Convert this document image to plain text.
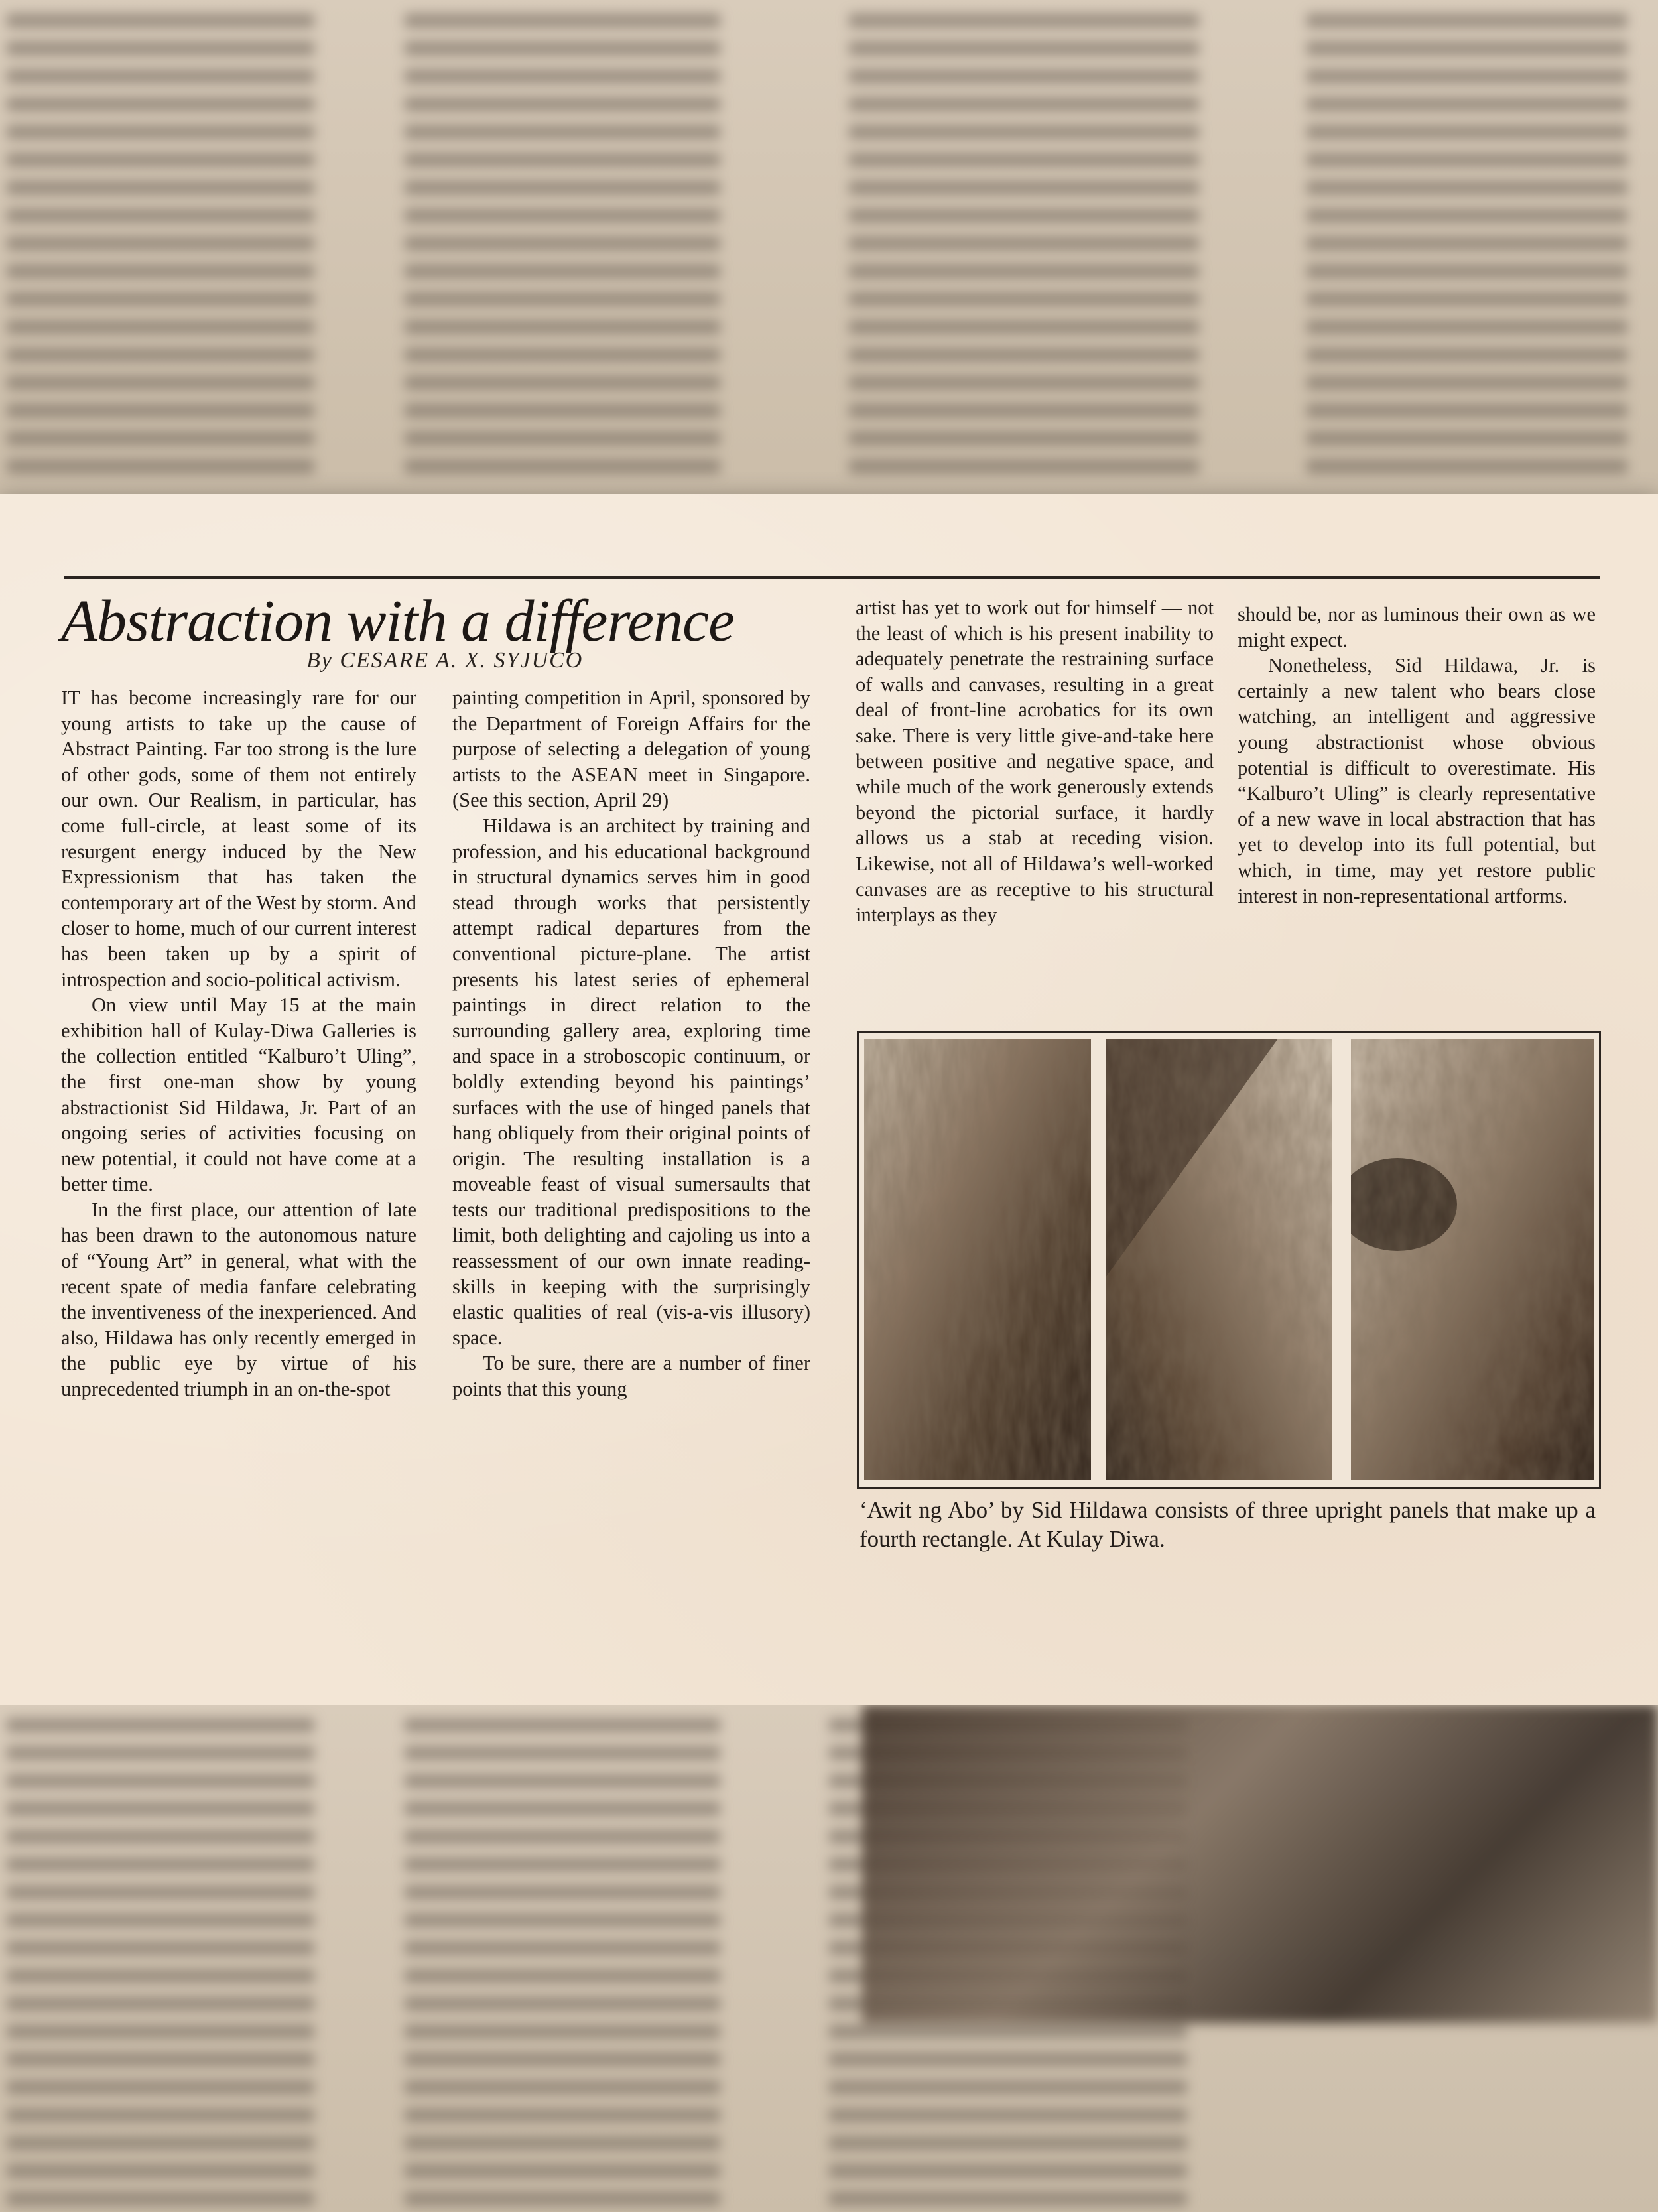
Abstraction with a difference
By CESARE A. X. SYJUCO

IT has become increasingly rare for our young artists to take up the cause of Abstract Painting. Far too strong is the lure of other gods, some of them not entirely our own. Our Realism, in particular, has come full-circle, at least some of its resurgent energy induced by the New Expressionism that has taken the contemporary art of the West by storm. And closer to home, much of our current interest has been taken up by a spirit of introspection and socio-political activism.

On view until May 15 at the main exhibition hall of Kulay-Diwa Galleries is the collection entitled “Kalburo’t Uling”, the first one-man show by young abstractionist Sid Hildawa, Jr. Part of an ongoing series of activities focusing on new potential, it could not have come at a better time.

In the first place, our attention of late has been drawn to the autonomous nature of “Young Art” in general, what with the recent spate of media fanfare celebrating the inventiveness of the inexperienced. And also, Hildawa has only recently emerged in the public eye by virtue of his unprecedented triumph in an on-the-spot

painting competition in April, sponsored by the Department of Foreign Affairs for the purpose of selecting a delegation of young artists to the ASEAN meet in Singapore. (See this section, April 29)

Hildawa is an architect by training and profession, and his educational background in structural dynamics serves him in good stead through works that persistently attempt radical departures from the conventional picture-plane. The artist presents his latest series of ephemeral paintings in direct relation to the surrounding gallery area, exploring time and space in a stroboscopic continuum, or boldly extending beyond his paintings’ surfaces with the use of hinged panels that hang obliquely from their original points of origin. The resulting installation is a moveable feast of visual sumersaults that tests our traditional predispositions to the limit, both delighting and cajoling us into a reassessment of our own innate reading-skills in keeping with the surprisingly elastic qualities of real (vis-a-vis illusory) space.

To be sure, there are a number of finer points that this young

artist has yet to work out for himself — not the least of which is his present inability to adequately penetrate the restraining surface of walls and canvases, resulting in a great deal of front-line acrobatics for its own sake. There is very little give-and-take here between positive and negative space, and while much of the work generously extends beyond the pictorial surface, it hardly allows us a stab at receding vision. Likewise, not all of Hildawa’s well-worked canvases are as receptive to his structural interplays as they

should be, nor as luminous their own as we might expect.

Nonetheless, Sid Hildawa, Jr. is certainly a new talent who bears close watching, an intelligent and aggressive young abstractionist whose obvious potential is difficult to overestimate. His “Kalburo’t Uling” is clearly representative of a new wave in local abstraction that has yet to develop into its full potential, but which, in time, may yet restore public interest in non-representational artforms.

‘Awit ng Abo’ by Sid Hildawa consists of three upright panels that make up a fourth rectangle. At Kulay Diwa.
